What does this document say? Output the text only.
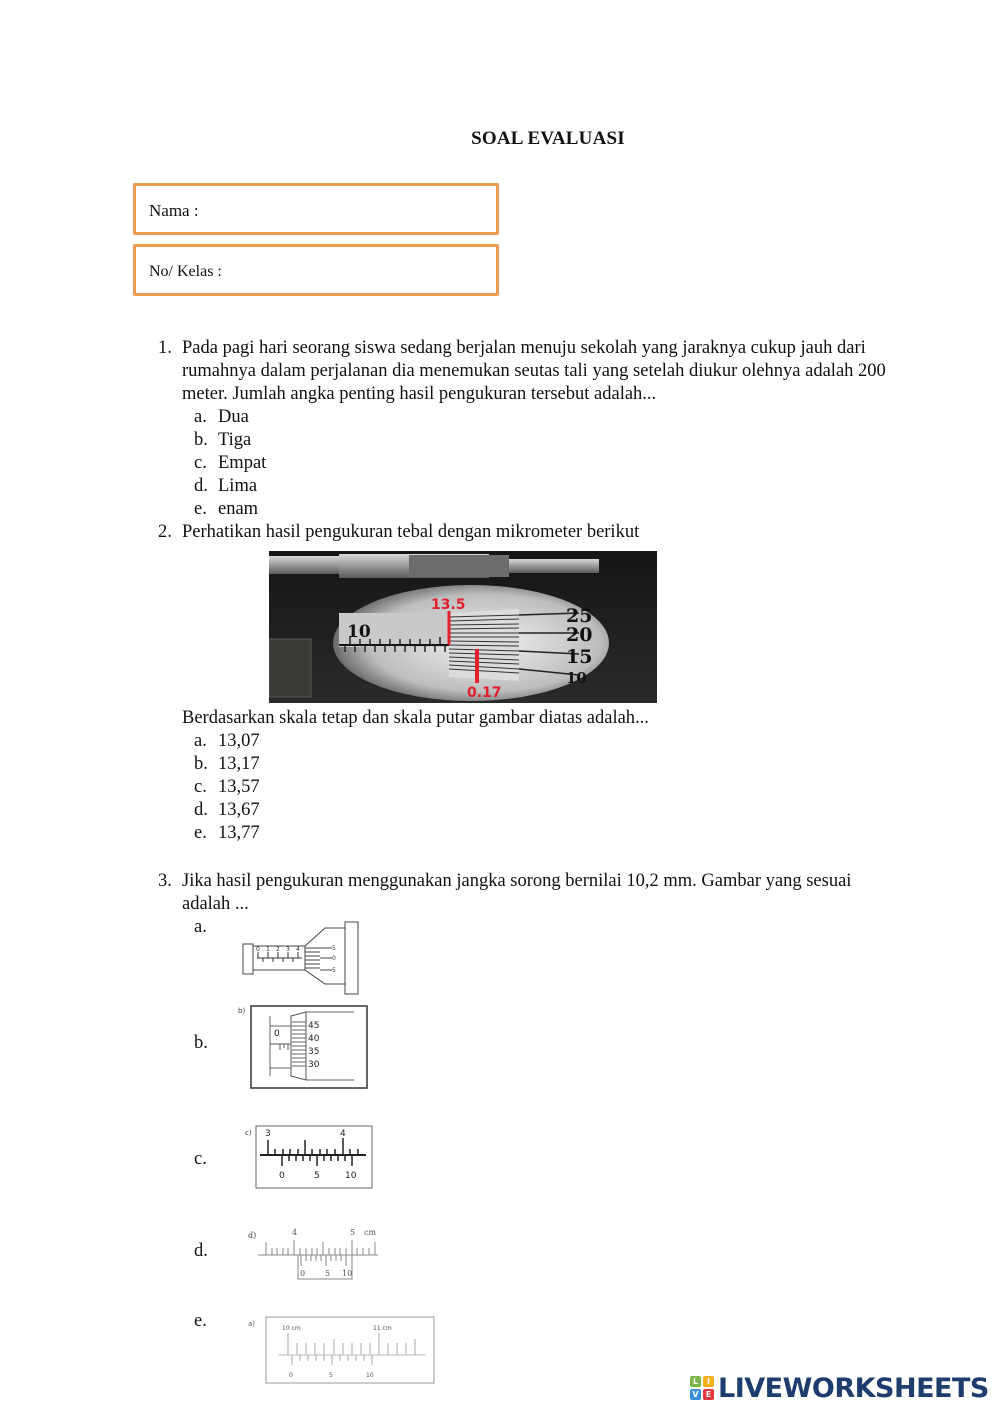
SOAL EVALUASI
Nama :
No/ Kelas :
1. Pada pagi hari seorang siswa sedang berjalan menuju sekolah yang jaraknya cukup jauh dari
rumahnya dalam perjalanan dia menemukan seutas tali yang setelah diukur olehnya adalah 200
meter. Jumlah angka penting hasil pengukuran tersebut adalah...
a. Dua
b. Tiga
c. Empat
d. Lima
e. enam
2. Perhatikan hasil pengukuran tebal dengan mikrometer berikut
10
25
20
15
10
13.5
0.17
Berdasarkan skala tetap dan skala putar gambar diatas adalah...
a. 13,07
b. 13,17
c. 13,57
d. 13,67
e. 13,77
3. Jika hasil pengukuran menggunakan jangka sorong bernilai 10,2 mm. Gambar yang sesuai
adalah ...
a.
b.
c.
d.
e.
0 1 2 3 4	5
0
5
b)
0
45
40
35
30
c) 3	4
0	5	10
d)	4	5 cm
0 5 10
a)
10 cm	11 cm
0	5	10
L	I
V E LIVEWORKSHEETS
